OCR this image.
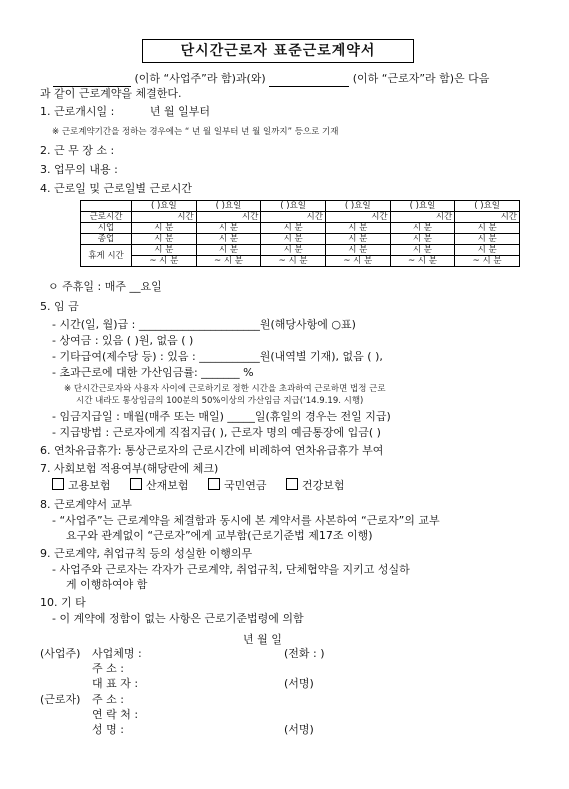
단시간근로자 표준근로계약서
(이하 “사업주”라 함)과(와)	(이하 “근로자”라 함)은 다음
과 같이 근로계약을 체결한다.
1. 근로개시일 :	년 월 일부터
※ 근로계약기간을 정하는 경우에는 “ 년 월 일부터 년 월 일까지” 등으로 기재
2. 근 무 장 소 :
3. 업무의 내용 :
4. 근로일 및 근로일별 근로시간
	( )요일	( )요일	( )요일	( )요일	( )요일	( )요일
근로시간	시간	시간	시간	시간	시간	시간
시업	시 분	시 분	시 분	시 분	시 분	시 분
종업	시 분	시 분	시 분	시 분	시 분	시 분
휴게 시간	시 분	시 분	시 분	시 분	시 분	시 분
	~ 시 분	~ 시 분	~ 시 분	~ 시 분	~ 시 분	~ 시 분
ㅇ 주휴일 : 매주 __요일
5. 임 금
- 시간(일, 월)급 : ______________________원(해당사항에 ○표)
- 상여금 : 있음 ( )원, 없음 ( )
- 기타급여(제수당 등) : 있음 : ___________원(내역별 기재), 없음 ( ),
- 초과근로에 대한 가산임금률: _______ %
※ 단시간근로자와 사용자 사이에 근로하기로 정한 시간을 초과하여 근로하면 법정 근로
시간 내라도 통상임금의 100분의 50%이상의 가산임금 지급(‘14.9.19. 시행)
- 임금지급일 : 매월(매주 또는 매일) _____일(휴일의 경우는 전일 지급)
- 지급방법 : 근로자에게 직접지급( ), 근로자 명의 예금통장에 입금( )
6. 연차유급휴가: 통상근로자의 근로시간에 비례하여 연차유급휴가 부여
7. 사회보험 적용여부(해당란에 체크)
고용보험	산재보험	국민연금	건강보험
8. 근로계약서 교부
- “사업주”는 근로계약을 체결함과 동시에 본 계약서를 사본하여 “근로자”의 교부
요구와 관계없이 “근로자”에게 교부함(근로기준법 제17조 이행)
9. 근로계약, 취업규칙 등의 성실한 이행의무
- 사업주와 근로자는 각자가 근로계약, 취업규칙, 단체협약을 지키고 성실하
게 이행하여야 함
10. 기 타
- 이 계약에 정함이 없는 사항은 근로기준법령에 의함
년 월 일
(사업주) 사업체명 :	(전화 : )
주 소 :
대 표 자 :	(서명)
(근로자) 주 소 :
연 락 처 :
성 명 :	(서명)
